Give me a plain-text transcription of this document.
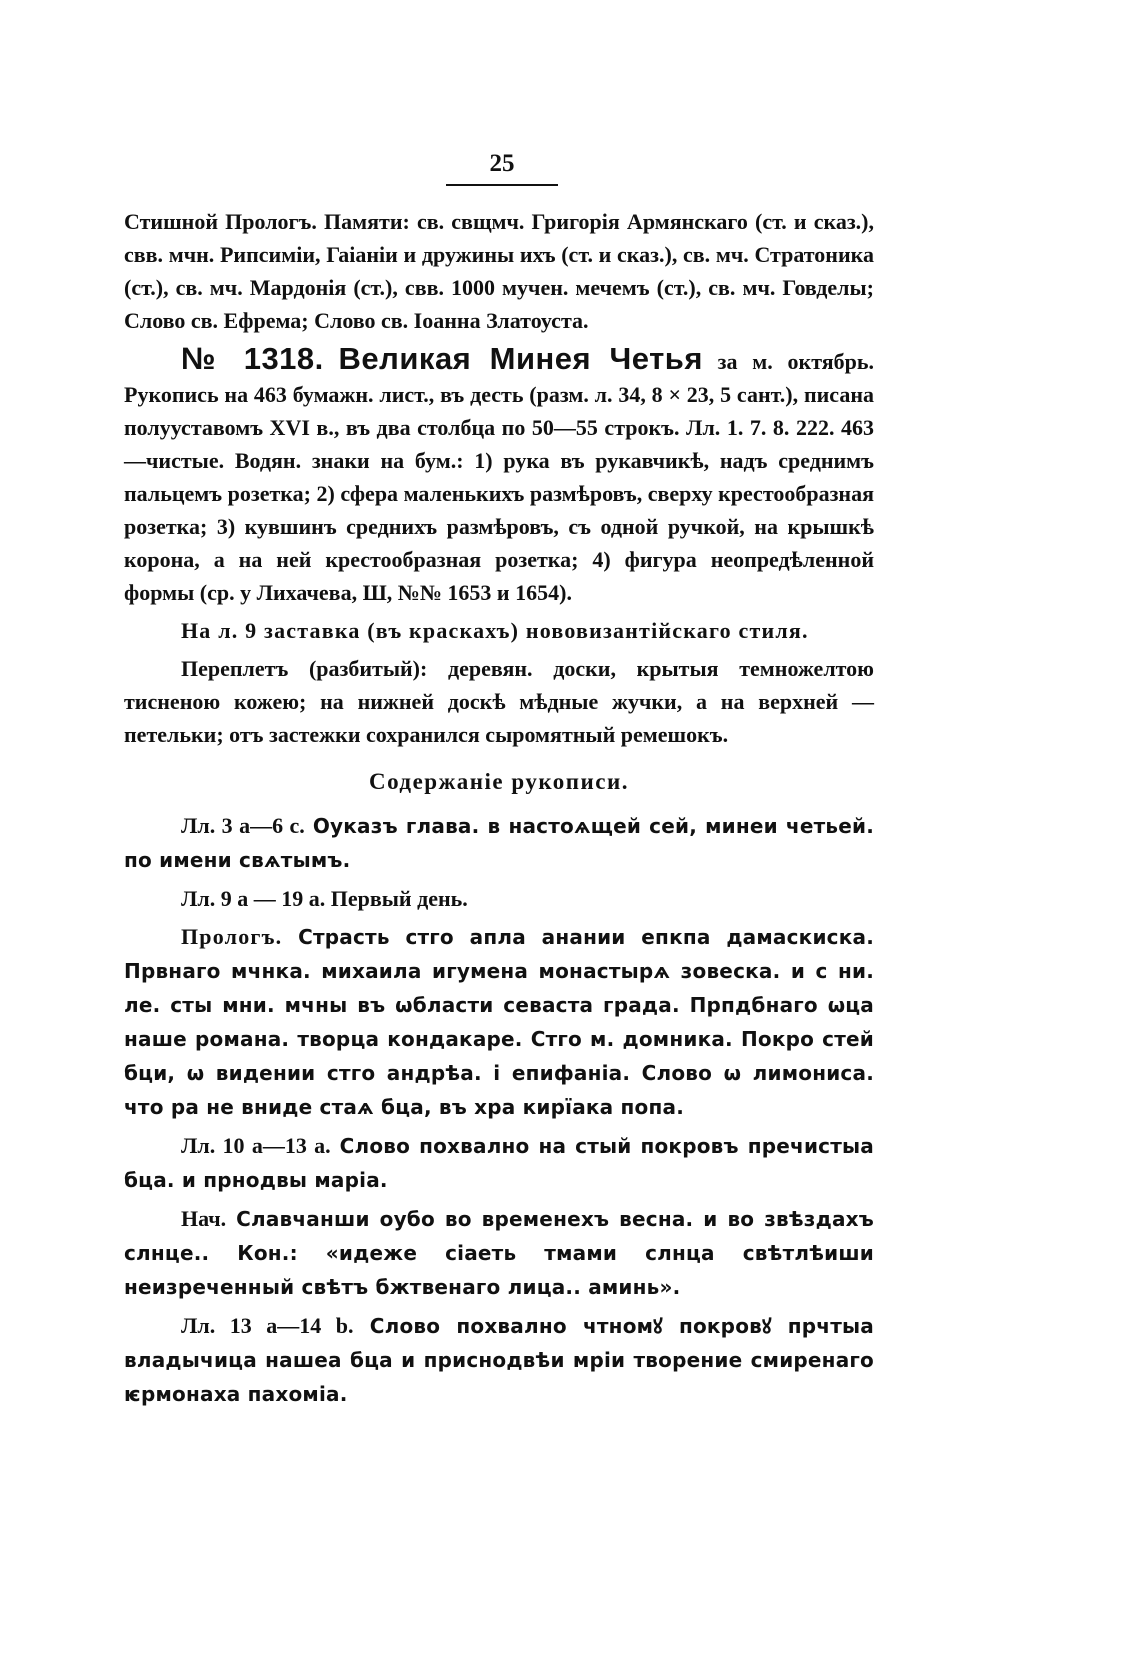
25

Стишной Прологъ. Памяти: св. свщмч. Григорія Армянскаго (ст. и сказ.), свв. мчн. Рипсиміи, Гаіаніи и дружины ихъ (ст. и сказ.), св. мч. Стратоника (ст.), св. мч. Мардонія (ст.), свв. 1000 мучен. мечемъ (ст.), св. мч. Говделы; Слово св. Ефрема; Слово св. Іоанна Златоуста.

№ 1318. Великая Минея Четья за м. октябрь. Рукопись на 463 бумажн. лист., въ десть (разм. л. 34, 8 × 23, 5 сант.), писана полууставомъ XVI в., въ два столбца по 50—55 строкъ. Лл. 1. 7. 8. 222. 463—чистые. Водян. знаки на бум.: 1) рука въ рукавчикѣ, надъ среднимъ пальцемъ розетка; 2) сфера маленькихъ размѣровъ, сверху крестообразная розетка; 3) кувшинъ среднихъ размѣровъ, съ одной ручкой, на крышкѣ корона, а на ней крестообразная розетка; 4) фигура неопредѣленной формы (ср. у Лихачева, Ш, №№ 1653 и 1654).

На л. 9 заставка (въ краскахъ) нововизантійскаго стиля.

Переплетъ (разбитый): деревян. доски, крытыя темножелтою тисненою кожею; на нижней доскѣ мѣдные жучки, а на верхней — петельки; отъ застежки сохранился сыромятный ремешокъ.

Содержаніе рукописи.

Лл. 3 а—6 с. Оуказъ глава. в настоѧщей сей, минеи четьей. по имени свѧтымъ.

Лл. 9 а — 19 а. Первый день.

Прологъ. Страсть стго апла анании епкпа дамаскиска. Првнаго мчнка. михаила игумена монастырѧ зовеска. и с ни. ле. сты мни. мчны въ ѡбласти севаста града. Прпдбнаго ѡца наше романа. творца кондакаре. Стго м. домника. Покро стей бци, ѡ видении стго андрѣа. і епифаніа. Слово ѡ лимониса. что ра не вниде стаѧ бца, въ хра кирїака попа.

Лл. 10 а—13 а. Слово похвално на стый покровъ пречистыа бца. и прнодвы маріа.

Нач. Славчанши оубо во временехъ весна. и во звѣздахъ слнце.. Кон.: «идеже сіаеть тмами слнца свѣтлѣиши неизреченный свѣтъ бжтвенаго лица.. аминь».

Лл. 13 а—14 b. Слово похвално чтномꙋ покровꙋ прчтыа владычица нашеа бца и приснодвѣи мріи творение смиренаго ѥрмонаха пахоміа.
